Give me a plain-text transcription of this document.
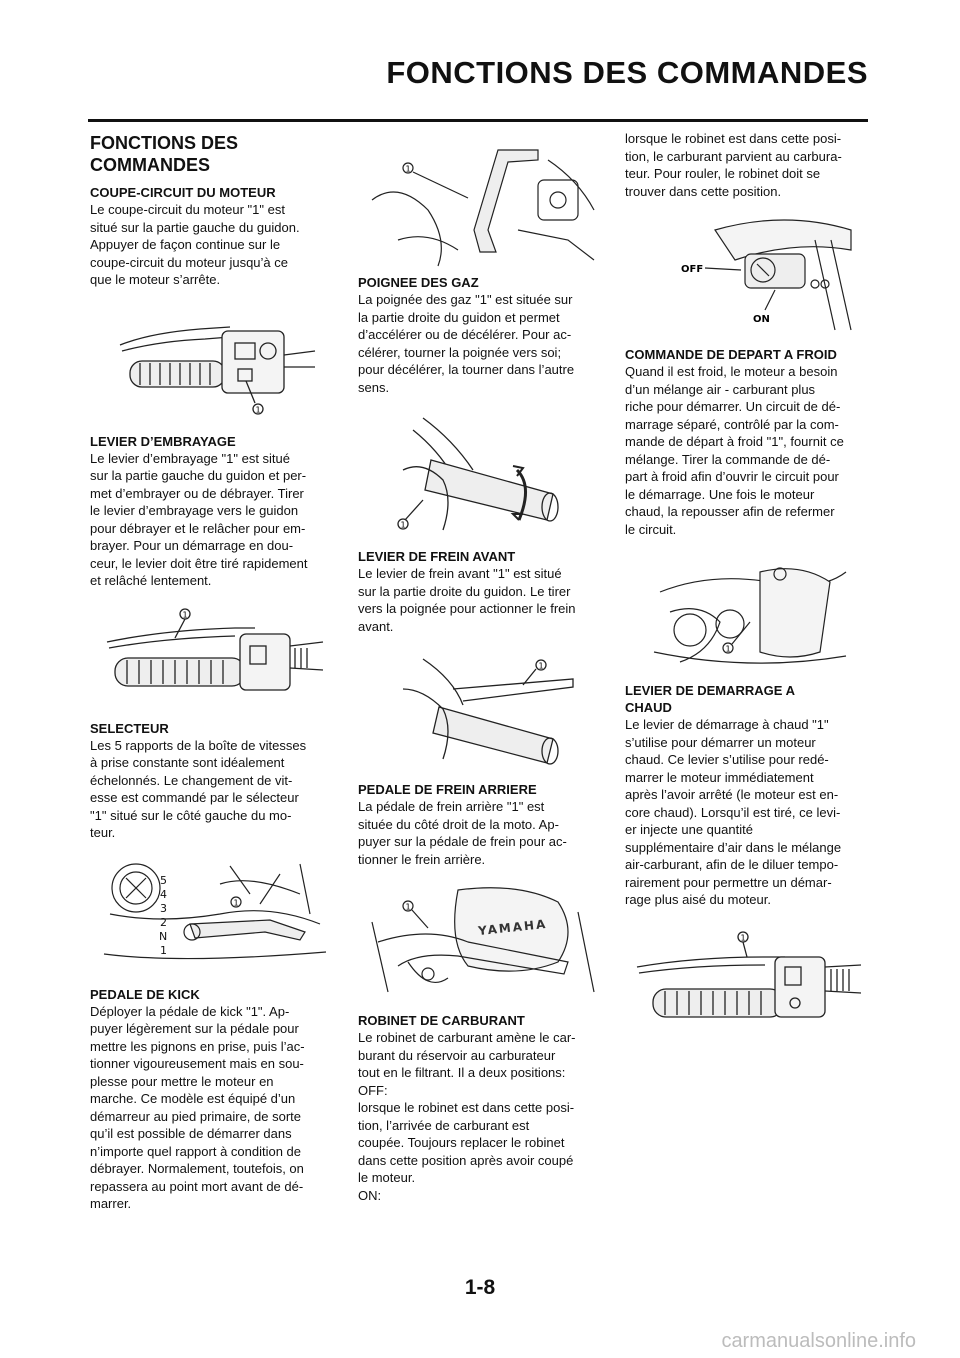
FONCTIONS DES COMMANDES
FONCTIONS DES
COMMANDES
COUPE-CIRCUIT DU MOTEUR
Le coupe-circuit du moteur "1" est
situé sur la partie gauche du guidon.
Appuyer de façon continue sur le
coupe-circuit du moteur jusqu’à ce
que le moteur s’arrête.
1
LEVIER D’EMBRAYAGE
Le levier d’embrayage "1" est situé
sur la partie gauche du guidon et per-
met d’embrayer ou de débrayer. Tirer
le levier d’embrayage vers le guidon
pour débrayer et le relâcher pour em-
brayer. Pour un démarrage en dou-
ceur, le levier doit être tiré rapidement
et relâché lentement.
1
SELECTEUR
Les 5 rapports de la boîte de vitesses
à prise constante sont idéalement
échelonnés. Le changement de vit-
esse est commandé par le sélecteur
"1" situé sur le côté gauche du mo-
teur.
5
4
3
2
N
1
1
PEDALE DE KICK
Déployer la pédale de kick "1". Ap-
puyer légèrement sur la pédale pour
mettre les pignons en prise, puis l’ac-
tionner vigoureusement mais en sou-
plesse pour mettre le moteur en
marche. Ce modèle est équipé d’un
démarreur au pied primaire, de sorte
qu’il est possible de démarrer dans
n’importe quel rapport à condition de
débrayer. Normalement, toutefois, on
repassera au point mort avant de dé-
marrer.
1
POIGNEE DES GAZ
La poignée des gaz "1" est située sur
la partie droite du guidon et permet
d’accélérer ou de décélérer. Pour ac-
célérer, tourner la poignée vers soi;
pour décélérer, la tourner dans l’autre
sens.
1
LEVIER DE FREIN AVANT
Le levier de frein avant "1" est situé
sur la partie droite du guidon. Le tirer
vers la poignée pour actionner le frein
avant.
1
PEDALE DE FREIN ARRIERE
La pédale de frein arrière "1" est
située du côté droit de la moto. Ap-
puyer sur la pédale de frein pour ac-
tionner le frein arrière.
1
YAMAHA
ROBINET DE CARBURANT
Le robinet de carburant amène le car-
burant du réservoir au carburateur
tout en le filtrant. Il a deux positions:
OFF:
lorsque le robinet est dans cette posi-
tion, l’arrivée de carburant est
coupée. Toujours replacer le robinet
dans cette position après avoir coupé
le moteur.
ON:
lorsque le robinet est dans cette posi-
tion, le carburant parvient au carbura-
teur. Pour rouler, le robinet doit se
trouver dans cette position.
OFF
ON
COMMANDE DE DEPART A FROID
Quand il est froid, le moteur a besoin
d’un mélange air - carburant plus
riche pour démarrer. Un circuit de dé-
marrage séparé, contrôlé par la com-
mande de départ à froid "1", fournit ce
mélange. Tirer la commande de dé-
part à froid afin d’ouvrir le circuit pour
le démarrage. Une fois le moteur
chaud, la repousser afin de refermer
le circuit.
1
LEVIER DE DEMARRAGE A
CHAUD
Le levier de démarrage à chaud "1"
s’utilise pour démarrer un moteur
chaud. Ce levier s’utilise pour redé-
marrer le moteur immédiatement
après l’avoir arrêté (le moteur est en-
core chaud). Lorsqu’il est tiré, ce levi-
er injecte une quantité
supplémentaire d’air dans le mélange
air-carburant, afin de le diluer tempo-
rairement pour permettre un démar-
rage plus aisé du moteur.
1
1-8
carmanualsonline.info
